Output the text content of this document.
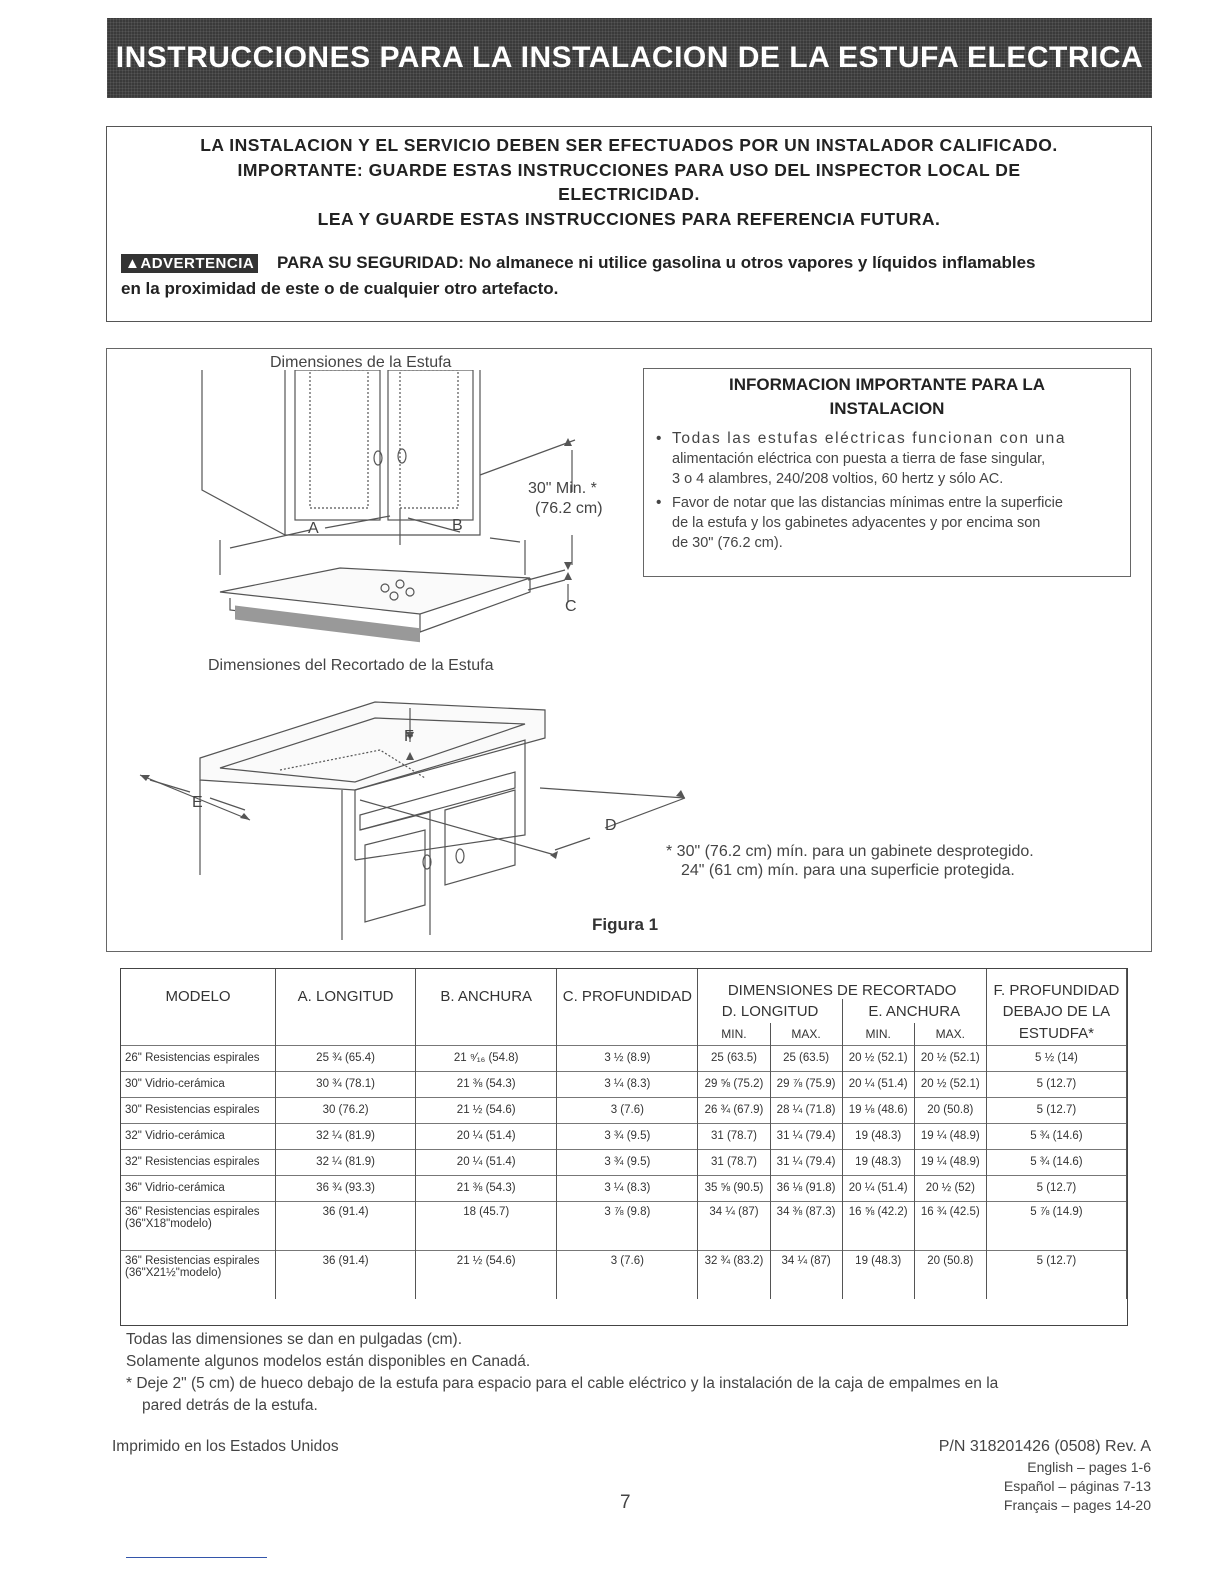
INSTRUCCIONES PARA LA INSTALACION DE LA ESTUFA ELECTRICA
LA INSTALACION Y EL SERVICIO DEBEN SER EFECTUADOS POR UN INSTALADOR CALIFICADO.
IMPORTANTE: GUARDE ESTAS INSTRUCCIONES PARA USO DEL INSPECTOR LOCAL DE
ELECTRICIDAD.
LEA Y GUARDE ESTAS INSTRUCCIONES PARA REFERENCIA FUTURA.
▲ADVERTENCIA PARA SU SEGURIDAD: No almanece ni utilice gasolina u otros vapores y líquidos inflamables
en la proximidad de este o de cualquier otro artefacto.
Dimensiones de la Estufa
Dimensiones del Recortado de la Estufa
A	B
C
30" Min. *
(76.2 cm)
F
E
D
* 30" (76.2 cm) mín. para un gabinete desprotegido.
24" (61 cm) mín. para una superficie protegida.
Figura 1
INFORMACION IMPORTANTE PARA LA
INSTALACION
• Todas las estufas eléctricas funcionan con una
alimentación eléctrica con puesta a tierra de fase singular,
3 o 4 alambres, 240/208 voltios, 60 hertz y sólo AC.
• Favor de notar que las distancias mínimas entre la superficie
de la estufa y los gabinetes adyacentes y por encima son
de 30" (76.2 cm).
MODELO	A. LONGITUD	B. ANCHURA	C. PROFUNDIDAD	DIMENSIONES DE RECORTADO				F. PROFUNDIDAD
				D. LONGITUD		E. ANCHURA		DEBAJO DE LA
				MIN.	MAX.	MIN.	MAX.	ESTUDFA*

26" Resistencias espirales	25 ¾ (65.4)	21 ⁹⁄₁₆ (54.8)	3 ½ (8.9)	25 (63.5)	25 (63.5)	20 ½ (52.1)	20 ½ (52.1)	5 ½ (14)

30" Vidrio-cerámica	30 ¾ (78.1)	21 ⅜ (54.3)	3 ¼ (8.3)	29 ⅝ (75.2)	29 ⅞ (75.9)	20 ¼ (51.4)	20 ½ (52.1)	5 (12.7)

30" Resistencias espirales	30 (76.2)	21 ½ (54.6)	3 (7.6)	26 ¾ (67.9)	28 ¼ (71.8)	19 ⅛ (48.6)	20 (50.8)	5 (12.7)

32" Vidrio-cerámica	32 ¼ (81.9)	20 ¼ (51.4)	3 ¾ (9.5)	31 (78.7)	31 ¼ (79.4)	19 (48.3)	19 ¼ (48.9)	5 ¾ (14.6)

32" Resistencias espirales	32 ¼ (81.9)	20 ¼ (51.4)	3 ¾ (9.5)	31 (78.7)	31 ¼ (79.4)	19 (48.3)	19 ¼ (48.9)	5 ¾ (14.6)

36" Vidrio-cerámica	36 ¾ (93.3)	21 ⅜ (54.3)	3 ¼ (8.3)	35 ⅝ (90.5)	36 ⅛ (91.8)	20 ¼ (51.4)	20 ½ (52)	5 (12.7)

36" Resistencias espirales
(36"X18"modelo)	36 (91.4)	18 (45.7)	3 ⅞ (9.8)	34 ¼ (87)	34 ⅜ (87.3)	16 ⅝ (42.2)	16 ¾ (42.5)	5 ⅞ (14.9)

36" Resistencias espirales
(36"X21½"modelo)	36 (91.4)	21 ½ (54.6)	3 (7.6)	32 ¾ (83.2)	34 ¼ (87)	19 (48.3)	20 (50.8)	5 (12.7)
Todas las dimensiones se dan en pulgadas (cm).
Solamente algunos modelos están disponibles en Canadá.
* Deje 2" (5 cm) de hueco debajo de la estufa para espacio para el cable eléctrico y la instalación de la caja de empalmes en la
pared detrás de la estufa.
Imprimido en los Estados Unidos	P/N 318201426 (0508) Rev. A
English – pages 1-6
Español – páginas 7-13
Français – pages 14-20
7
